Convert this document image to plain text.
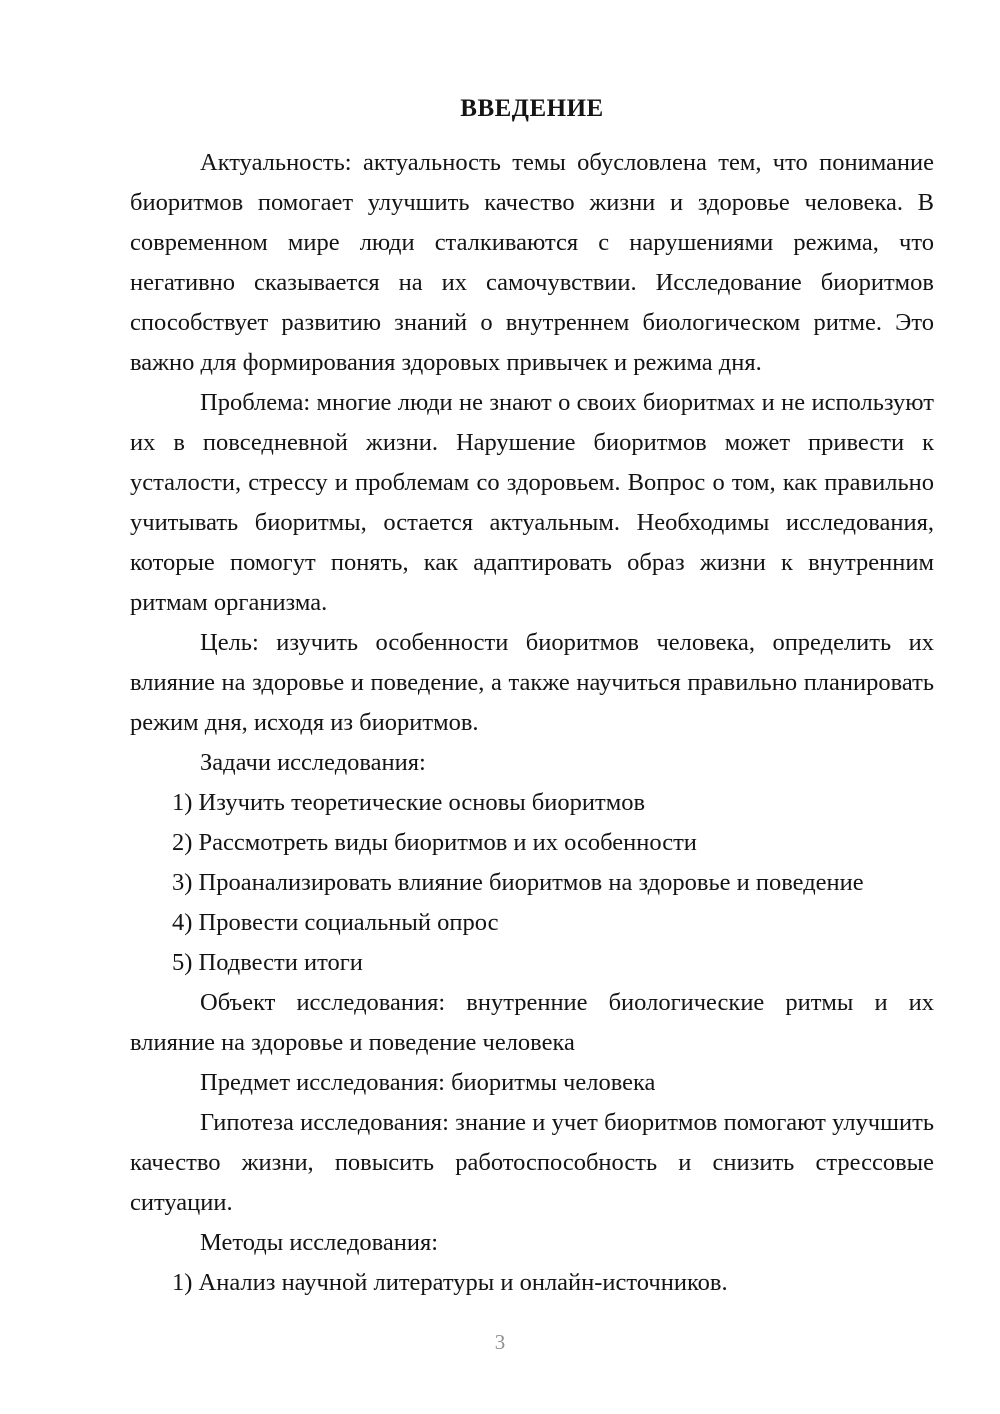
ВВЕДЕНИЕ

Актуальность: актуальность темы обусловлена тем, что понимание биоритмов помогает улучшить качество жизни и здоровье человека. В современном мире люди сталкиваются с нарушениями режима, что негативно сказывается на их самочувствии. Исследование биоритмов способствует развитию знаний о внутреннем биологическом ритме. Это важно для формирования здоровых привычек и режима дня.

Проблема: многие люди не знают о своих биоритмах и не используют их в повседневной жизни. Нарушение биоритмов может привести к усталости, стрессу и проблемам со здоровьем. Вопрос о том, как правильно учитывать биоритмы, остается актуальным. Необходимы исследования, которые помогут понять, как адаптировать образ жизни к внутренним ритмам организма.

Цель: изучить особенности биоритмов человека, определить их влияние на здоровье и поведение, а также научиться правильно планировать режим дня, исходя из биоритмов.

Задачи исследования:

1) Изучить теоретические основы биоритмов

2) Рассмотреть виды биоритмов и их особенности

3) Проанализировать влияние биоритмов на здоровье и поведение

4) Провести социальный опрос

5) Подвести итоги

Объект исследования: внутренние биологические ритмы и их влияние на здоровье и поведение человека

Предмет исследования: биоритмы человека

Гипотеза исследования: знание и учет биоритмов помогают улучшить качество жизни, повысить работоспособность и снизить стрессовые ситуации.

Методы исследования:

1) Анализ научной литературы и онлайн-источников.

3
